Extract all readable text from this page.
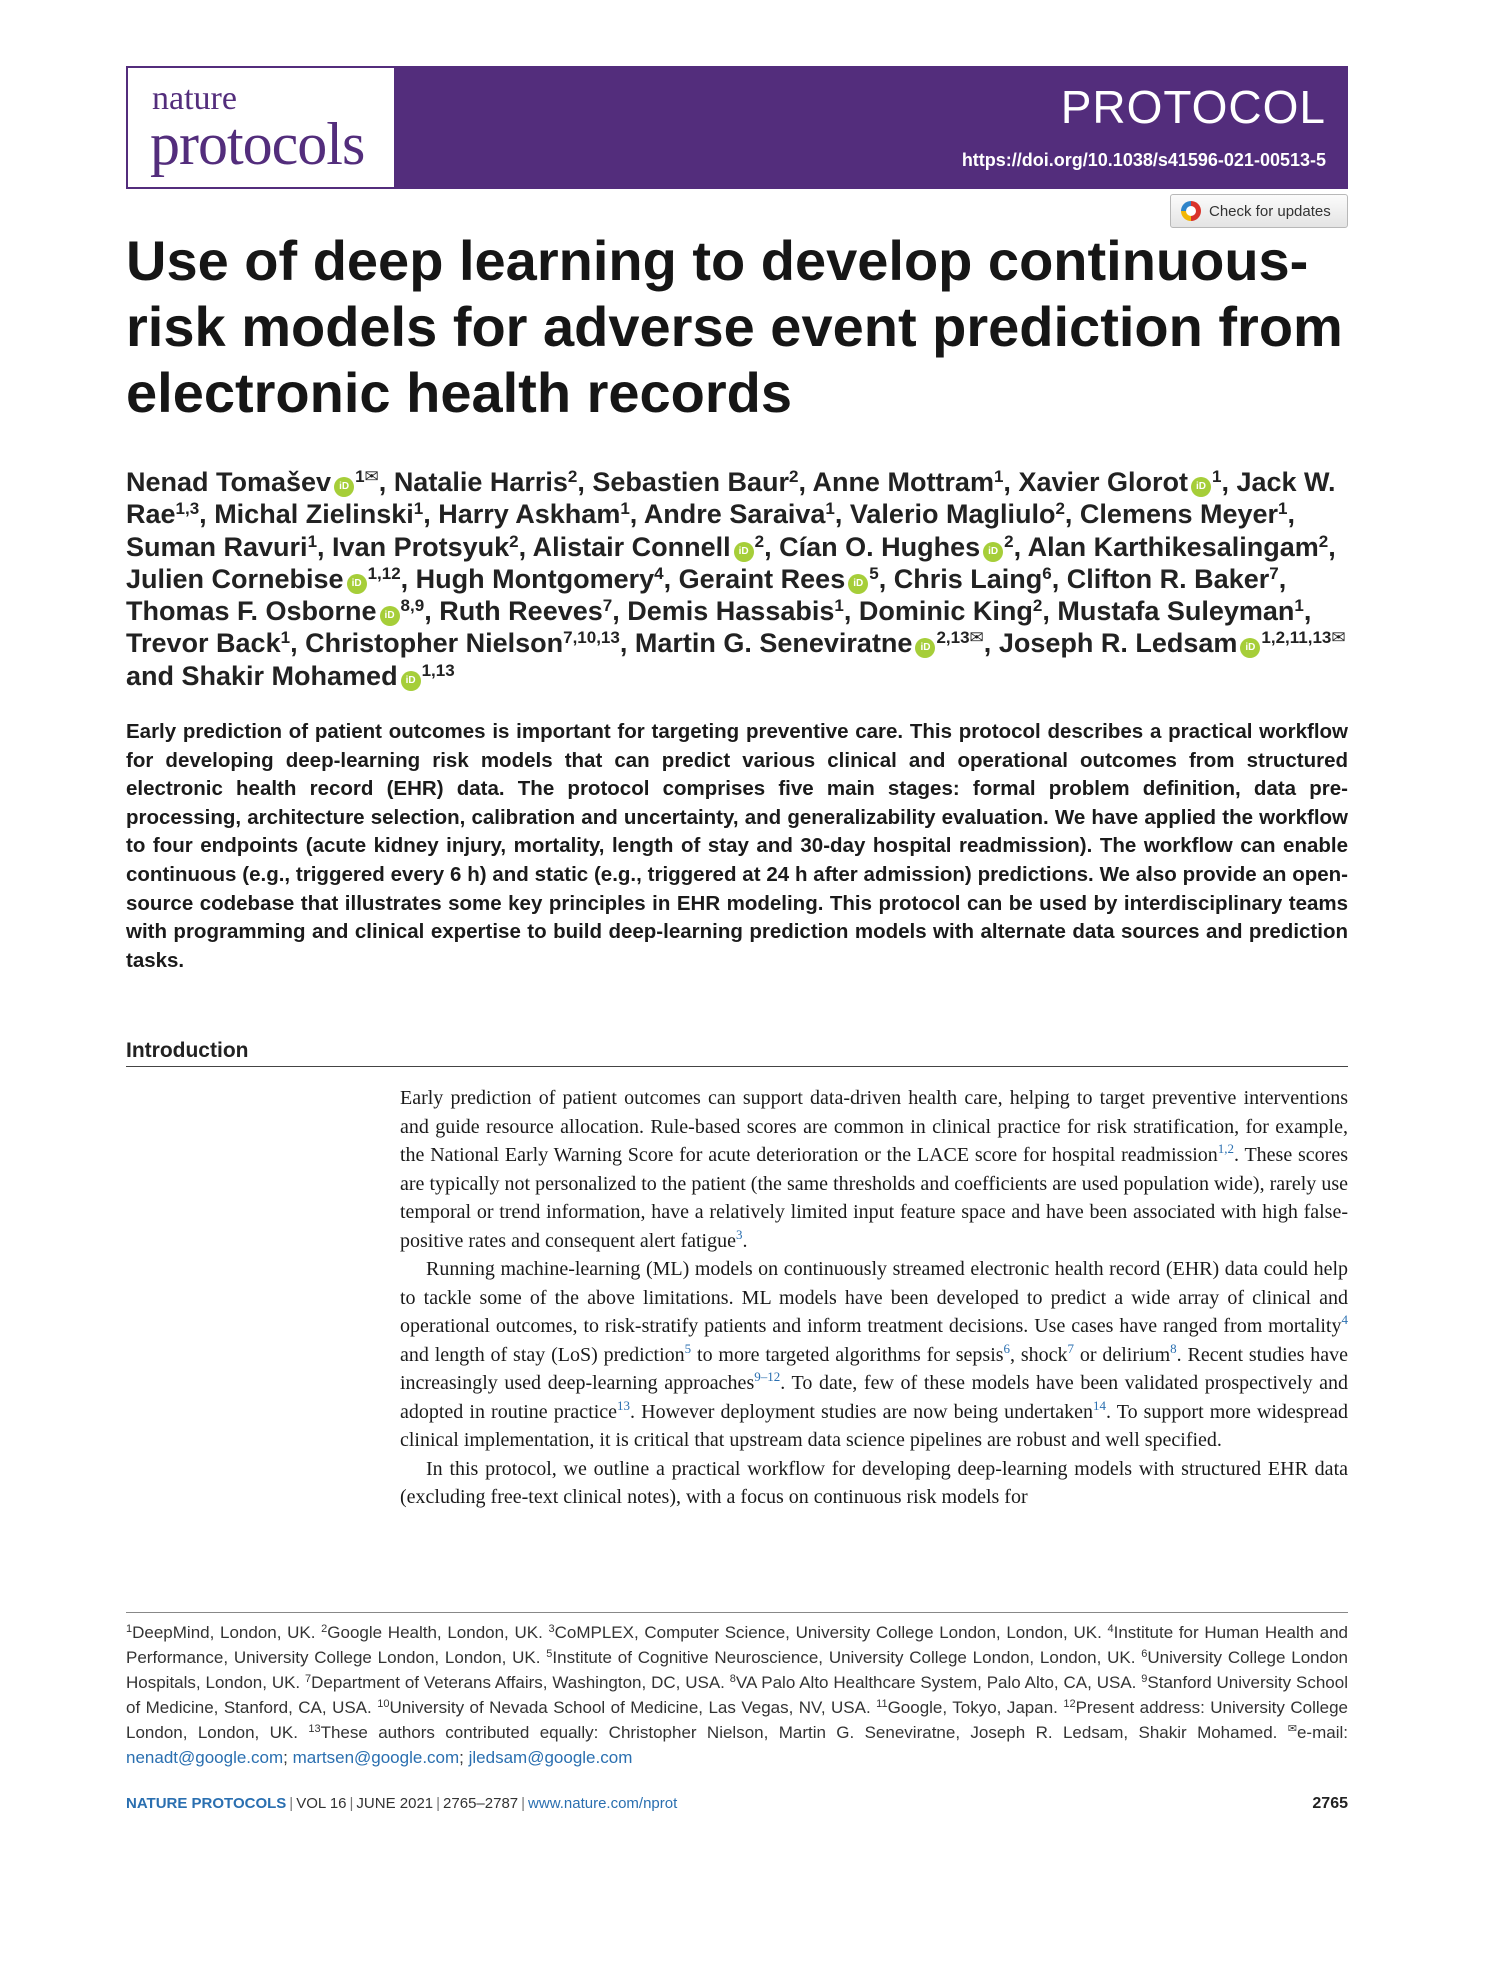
nature
protocols
PROTOCOL
https://doi.org/10.1038/s41596-021-00513-5
Check for updates
Use of deep learning to develop continuous-risk models for adverse event prediction from electronic health records
Nenad Tomašev $iD^{1✉}$, Natalie Harris$^2$, Sebastien Baur$^2$, Anne Mottram$^1$, Xavier Glorot $iD^1$, Jack W. Rae$^{1,3}$, Michal Zielinski$^1$, Harry Askham$^1$, Andre Saraiva$^1$, Valerio Magliulo$^2$, Clemens Meyer$^1$, Suman Ravuri$^1$, Ivan Protsyuk$^2$, Alistair Connell $iD^2$, Cían O. Hughes $iD^2$, Alan Karthikesalingam$^2$, Julien Cornebise iD$^{1,12}$, Hugh Montgomery$^4$, Geraint Rees $iD^5$, Chris Laing$^6$, Clifton R. Baker$^7$, Thomas F. Osborne iD$^{8,9}$, Ruth Reeves$^7$, Demis Hassabis$^1$, Dominic King$^2$, Mustafa Suleyman$^1$, Trevor Back$^1$, Christopher Nielson$^{7,10,13}$, Martin G. Seneviratne $iD^{2,13✉}$, Joseph R. Ledsam $iD^{1,2,11,13✉}$ and Shakir Mohamed iD$^{1,13}$
Early prediction of patient outcomes is important for targeting preventive care. This protocol describes a practical workflow for developing deep-learning risk models that can predict various clinical and operational outcomes from structured electronic health record (EHR) data. The protocol comprises five main stages: formal problem definition, data pre-processing, architecture selection, calibration and uncertainty, and generalizability evaluation. We have applied the workflow to four endpoints (acute kidney injury, mortality, length of stay and 30-day hospital readmission). The workflow can enable continuous (e.g., triggered every 6 h) and static (e.g., triggered at 24 h after admission) predictions. We also provide an open-source codebase that illustrates some key principles in EHR modeling. This protocol can be used by interdisciplinary teams with programming and clinical expertise to build deep-learning prediction models with alternate data sources and prediction tasks.
Introduction

Early prediction of patient outcomes can support data-driven health care, helping to target preventive interventions and guide resource allocation. Rule-based scores are common in clinical practice for risk stratification, for example, the National Early Warning Score for acute deterioration or the LACE score for hospital readmission$^{1,2}$. These scores are typically not personalized to the patient (the same thresholds and coefficients are used population wide), rarely use temporal or trend information, have a relatively limited input feature space and have been associated with high false-positive rates and consequent alert fatigue$^3$.

Running machine-learning (ML) models on continuously streamed electronic health record (EHR) data could help to tackle some of the above limitations. ML models have been developed to predict a wide array of clinical and operational outcomes, to risk-stratify patients and inform treatment decisions. Use cases have ranged from mortality$^4$ and length of stay (LoS) prediction$^5$ to more targeted algorithms for sepsis$^6$, shock$^7$ or delirium$^8$. Recent studies have increasingly used deep-learning approaches$^{9-12}$. To date, few of these models have been validated prospectively and adopted in routine practice$^{13}$. However deployment studies are now being undertaken$^{14}$. To support more widespread clinical implementation, it is critical that upstream data science pipelines are robust and well specified.

In this protocol, we outline a practical workflow for developing deep-learning models with structured EHR data (excluding free-text clinical notes), with a focus on continuous risk models for

$^1$DeepMind, London, UK. $^2$Google Health, London, UK. $^3$CoMPLEX, Computer Science, University College London, London, UK. $^4$Institute for Human Health and Performance, University College London, London, UK. $^5$Institute of Cognitive Neuroscience, University College London, London, UK. $^6$University College London Hospitals, London, UK. $^7$Department of Veterans Affairs, Washington, DC, USA. $^8$VA Palo Alto Healthcare System, Palo Alto, CA, USA. $^9$Stanford University School of Medicine, Stanford, CA, USA. $^{10}$University of Nevada School of Medicine, Las Vegas, NV, USA. $^{11}$Google, Tokyo, Japan. $^{12}$Present address: University College London, London, UK. $^{13}$These authors contributed equally: Christopher Nielson, Martin G. Seneviratne, Joseph R. Ledsam, Shakir Mohamed. ✉e-mail: nenadt@google.com; martsen@google.com; jledsam@google.com
NATURE PROTOCOLS | VOL 16 | JUNE 2021 | 2765–2787 | www.nature.com/nprot	2765
